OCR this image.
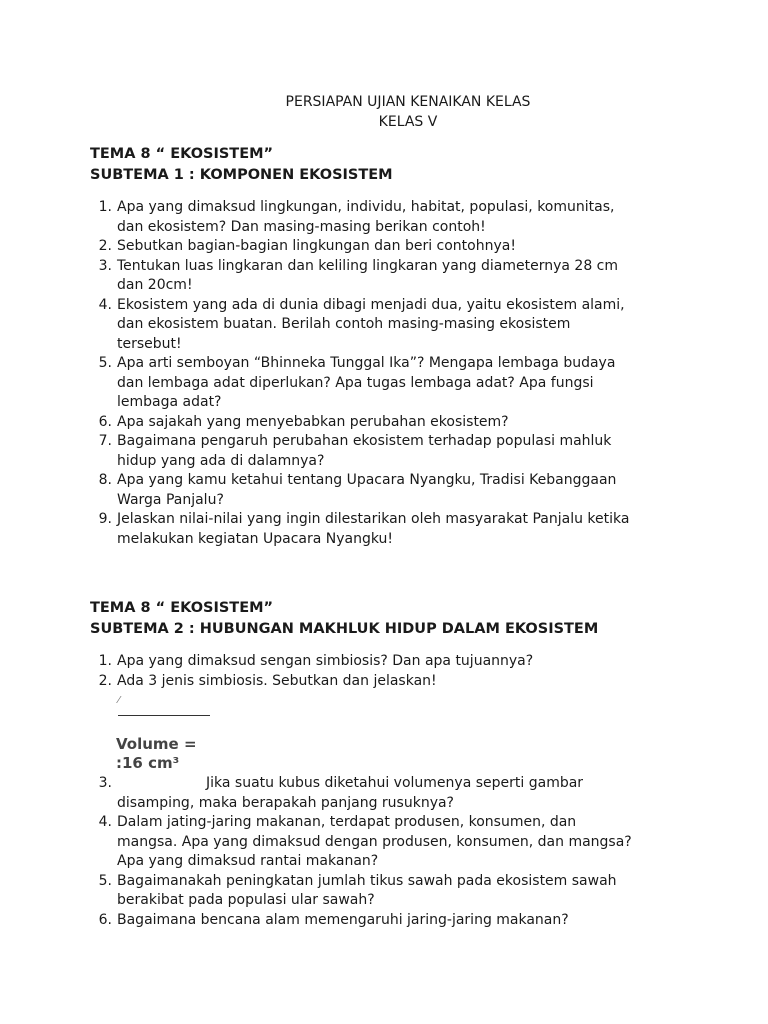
PERSIAPAN UJIAN KENAIKAN KELAS
KELAS V
TEMA 8 “ EKOSISTEM”
SUBTEMA 1 : KOMPONEN EKOSISTEM
1. Apa yang dimaksud lingkungan, individu, habitat, populasi, komunitas,
dan ekosistem? Dan masing-masing berikan contoh!
2. Sebutkan bagian-bagian lingkungan dan beri contohnya!
3. Tentukan luas lingkaran dan keliling lingkaran yang diameternya 28 cm
dan 20cm!
4. Ekosistem yang ada di dunia dibagi menjadi dua, yaitu ekosistem alami,
dan ekosistem buatan. Berilah contoh masing-masing ekosistem
tersebut!
5. Apa arti semboyan “Bhinneka Tunggal Ika”? Mengapa lembaga budaya
dan lembaga adat diperlukan? Apa tugas lembaga adat? Apa fungsi
lembaga adat?
6. Apa sajakah yang menyebabkan perubahan ekosistem?
7. Bagaimana pengaruh perubahan ekosistem terhadap populasi mahluk
hidup yang ada di dalamnya?
8. Apa yang kamu ketahui tentang Upacara Nyangku, Tradisi Kebanggaan
Warga Panjalu?
9. Jelaskan nilai-nilai yang ingin dilestarikan oleh masyarakat Panjalu ketika
melakukan kegiatan Upacara Nyangku!
TEMA 8 “ EKOSISTEM”
SUBTEMA 2 : HUBUNGAN MAKHLUK HIDUP DALAM EKOSISTEM
1. Apa yang dimaksud sengan simbiosis? Dan apa tujuannya?
2. Ada 3 jenis simbiosis. Sebutkan dan jelaskan!
⁄
Volume =
:16 cm³
3. Jika suatu kubus diketahui volumenya seperti gambar
disamping, maka berapakah panjang rusuknya?
4. Dalam jating-jaring makanan, terdapat produsen, konsumen, dan
mangsa. Apa yang dimaksud dengan produsen, konsumen, dan mangsa?
Apa yang dimaksud rantai makanan?
5. Bagaimanakah peningkatan jumlah tikus sawah pada ekosistem sawah
berakibat pada populasi ular sawah?
6. Bagaimana bencana alam memengaruhi jaring-jaring makanan?
